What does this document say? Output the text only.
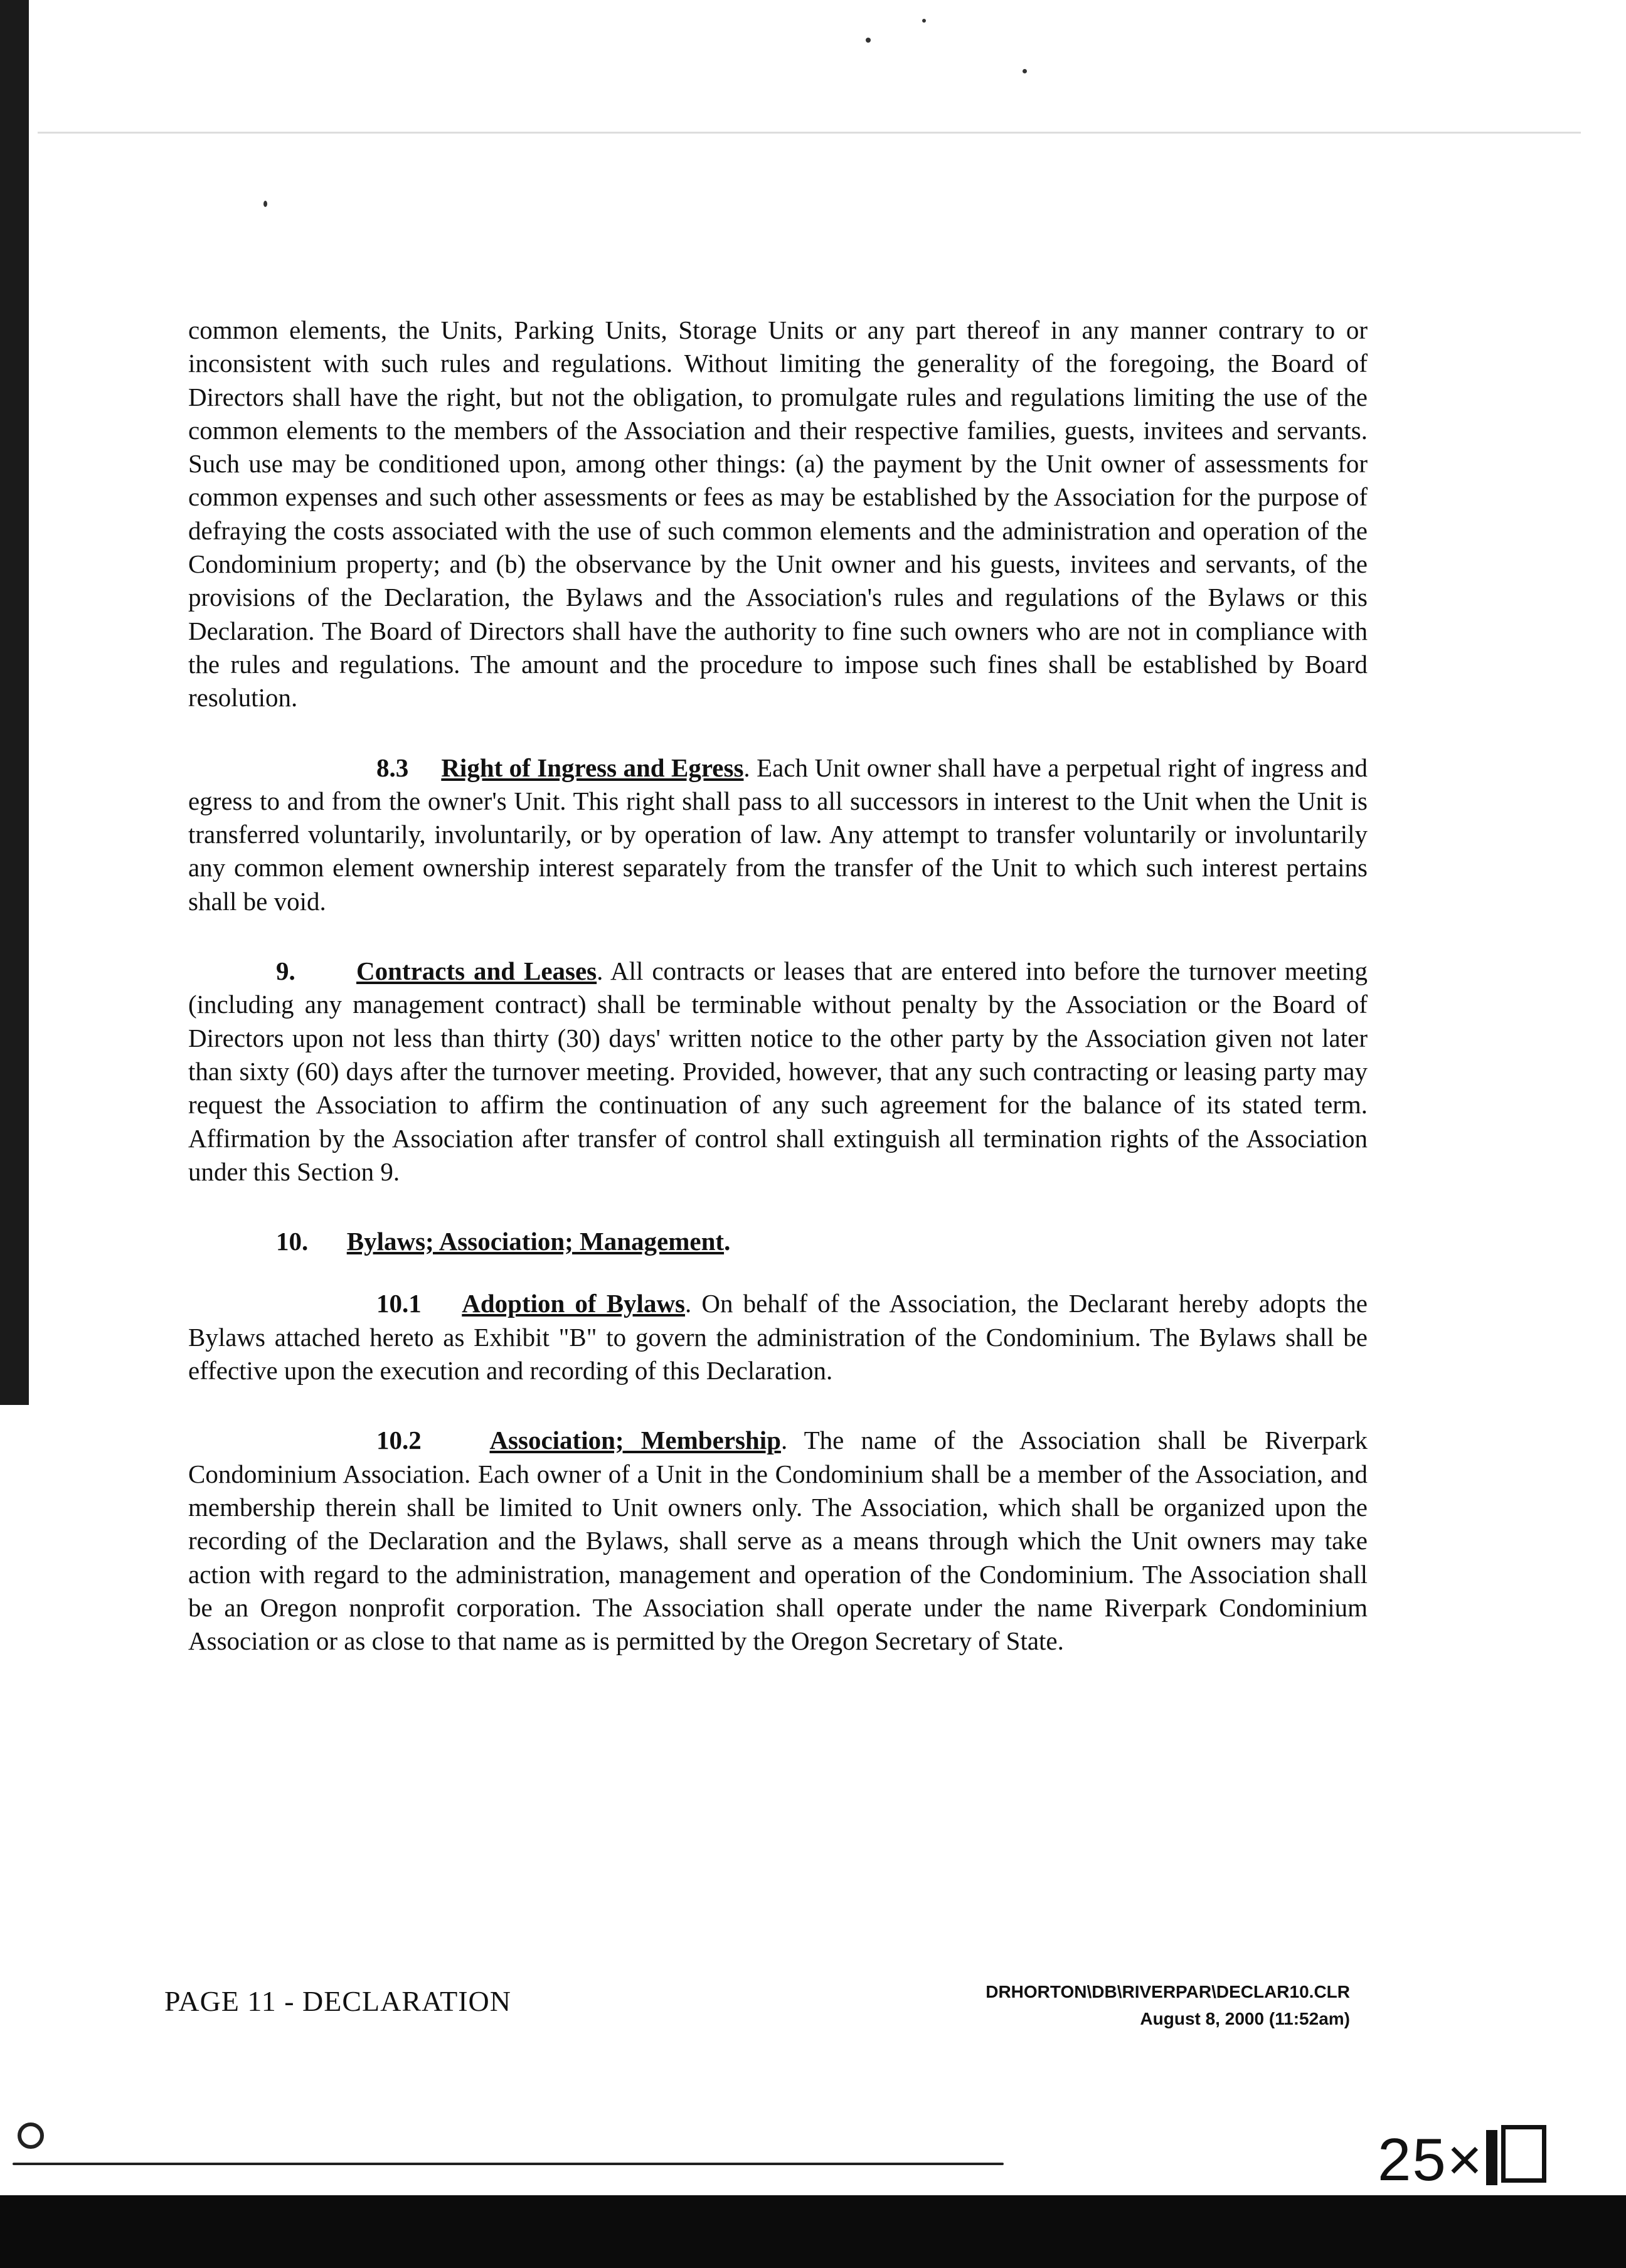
common elements, the Units, Parking Units, Storage Units or any part thereof in any manner contrary to or inconsistent with such rules and regulations. Without limiting the generality of the foregoing, the Board of Directors shall have the right, but not the obligation, to promulgate rules and regulations limiting the use of the common elements to the members of the Association and their respective families, guests, invitees and servants. Such use may be conditioned upon, among other things: (a) the payment by the Unit owner of assessments for common expenses and such other assessments or fees as may be established by the Association for the purpose of defraying the costs associated with the use of such common elements and the administration and operation of the Condominium property; and (b) the observance by the Unit owner and his guests, invitees and servants, of the provisions of the Declaration, the Bylaws and the Association's rules and regulations of the Bylaws or this Declaration. The Board of Directors shall have the authority to fine such owners who are not in compliance with the rules and regulations. The amount and the procedure to impose such fines shall be established by Board resolution.

8.3 Right of Ingress and Egress. Each Unit owner shall have a perpetual right of ingress and egress to and from the owner's Unit. This right shall pass to all successors in interest to the Unit when the Unit is transferred voluntarily, involuntarily, or by operation of law. Any attempt to transfer voluntarily or involuntarily any common element ownership interest separately from the transfer of the Unit to which such interest pertains shall be void.

9. Contracts and Leases. All contracts or leases that are entered into before the turnover meeting (including any management contract) shall be terminable without penalty by the Association or the Board of Directors upon not less than thirty (30) days' written notice to the other party by the Association given not later than sixty (60) days after the turnover meeting. Provided, however, that any such contracting or leasing party may request the Association to affirm the continuation of any such agreement for the balance of its stated term. Affirmation by the Association after transfer of control shall extinguish all termination rights of the Association under this Section 9.

10. Bylaws; Association; Management.

10.1 Adoption of Bylaws. On behalf of the Association, the Declarant hereby adopts the Bylaws attached hereto as Exhibit "B" to govern the administration of the Condominium. The Bylaws shall be effective upon the execution and recording of this Declaration.

10.2	Association; Membership. The name of the Association shall be Riverpark Condominium Association. Each owner of a Unit in the Condominium shall be a member of the Association, and membership therein shall be limited to Unit owners only. The Association, which shall be organized upon the recording of the Declaration and the Bylaws, shall serve as a means through which the Unit owners may take action with regard to the administration, management and operation of the Condominium. The Association shall be an Oregon nonprofit corporation. The Association shall operate under the name Riverpark Condominium Association or as close to that name as is permitted by the Oregon Secretary of State.

PAGE 11 - DECLARATION	DRHORTON\DB\RIVERPAR\DECLAR10.CLR
August 8, 2000 (11:52am)
25×
